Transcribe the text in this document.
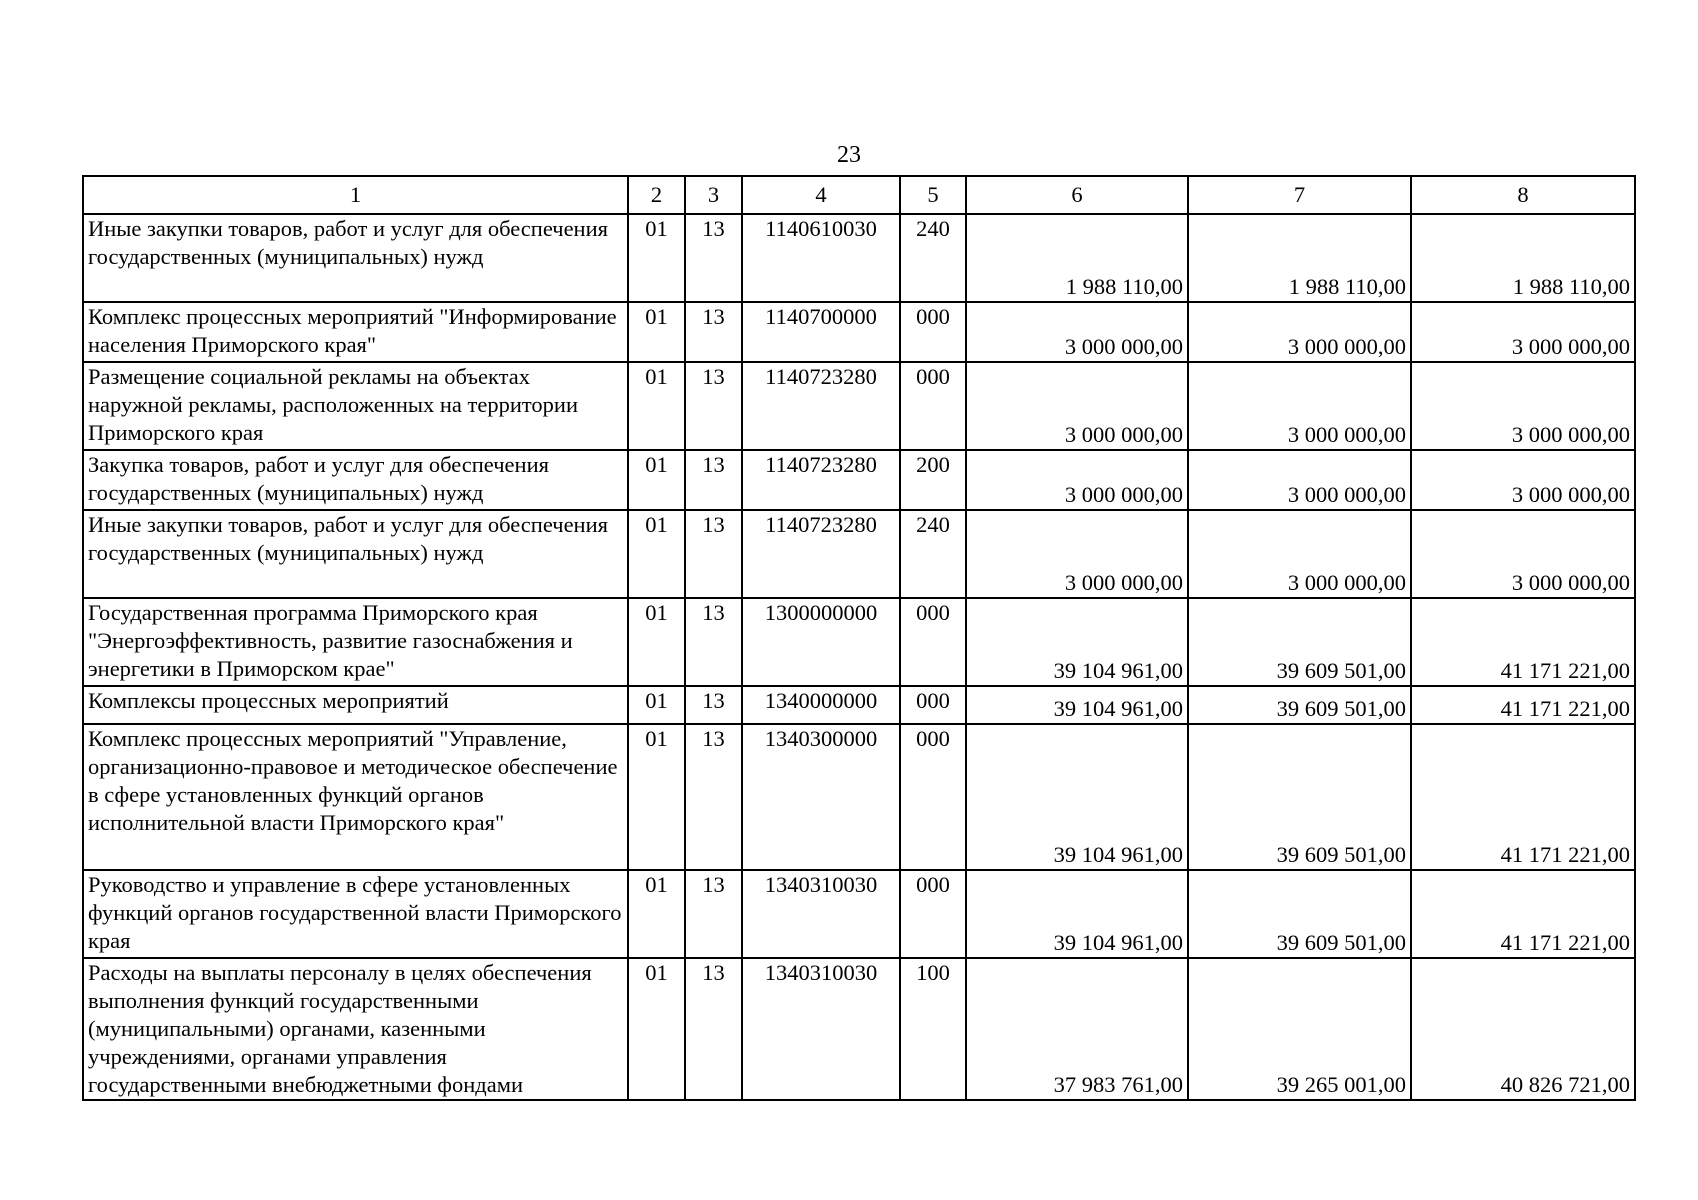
23
1	2	3	4	5	6	7	8
Иные закупки товаров, работ и услуг для обеспечения государственных (муниципальных) нужд	01	13	1140610030	240	1 988 110,00	1 988 110,00	1 988 110,00
Комплекс процессных мероприятий "Информирование населения Приморского края"	01	13	1140700000	000	3 000 000,00	3 000 000,00	3 000 000,00
Размещение социальной рекламы на объектах наружной рекламы, расположенных на территории Приморского края	01	13	1140723280	000	3 000 000,00	3 000 000,00	3 000 000,00
Закупка товаров, работ и услуг для обеспечения государственных (муниципальных) нужд	01	13	1140723280	200	3 000 000,00	3 000 000,00	3 000 000,00
Иные закупки товаров, работ и услуг для обеспечения государственных (муниципальных) нужд	01	13	1140723280	240	3 000 000,00	3 000 000,00	3 000 000,00
Государственная программа Приморского края "Энергоэффективность, развитие газоснабжения и энергетики в Приморском крае"	01	13	1300000000	000	39 104 961,00	39 609 501,00	41 171 221,00
Комплексы процессных мероприятий	01	13	1340000000	000	39 104 961,00	39 609 501,00	41 171 221,00
Комплекс процессных мероприятий "Управление, организационно-правовое и методическое обеспечение в сфере установленных функций органов исполнительной власти Приморского края"	01	13	1340300000	000	39 104 961,00	39 609 501,00	41 171 221,00
Руководство и управление в сфере установленных функций органов государственной власти Приморского края	01	13	1340310030	000	39 104 961,00	39 609 501,00	41 171 221,00
Расходы на выплаты персоналу в целях обеспечения выполнения функций государственными (муниципальными) органами, казенными учреждениями, органами управления государственными внебюджетными фондами	01	13	1340310030	100	37 983 761,00	39 265 001,00	40 826 721,00
